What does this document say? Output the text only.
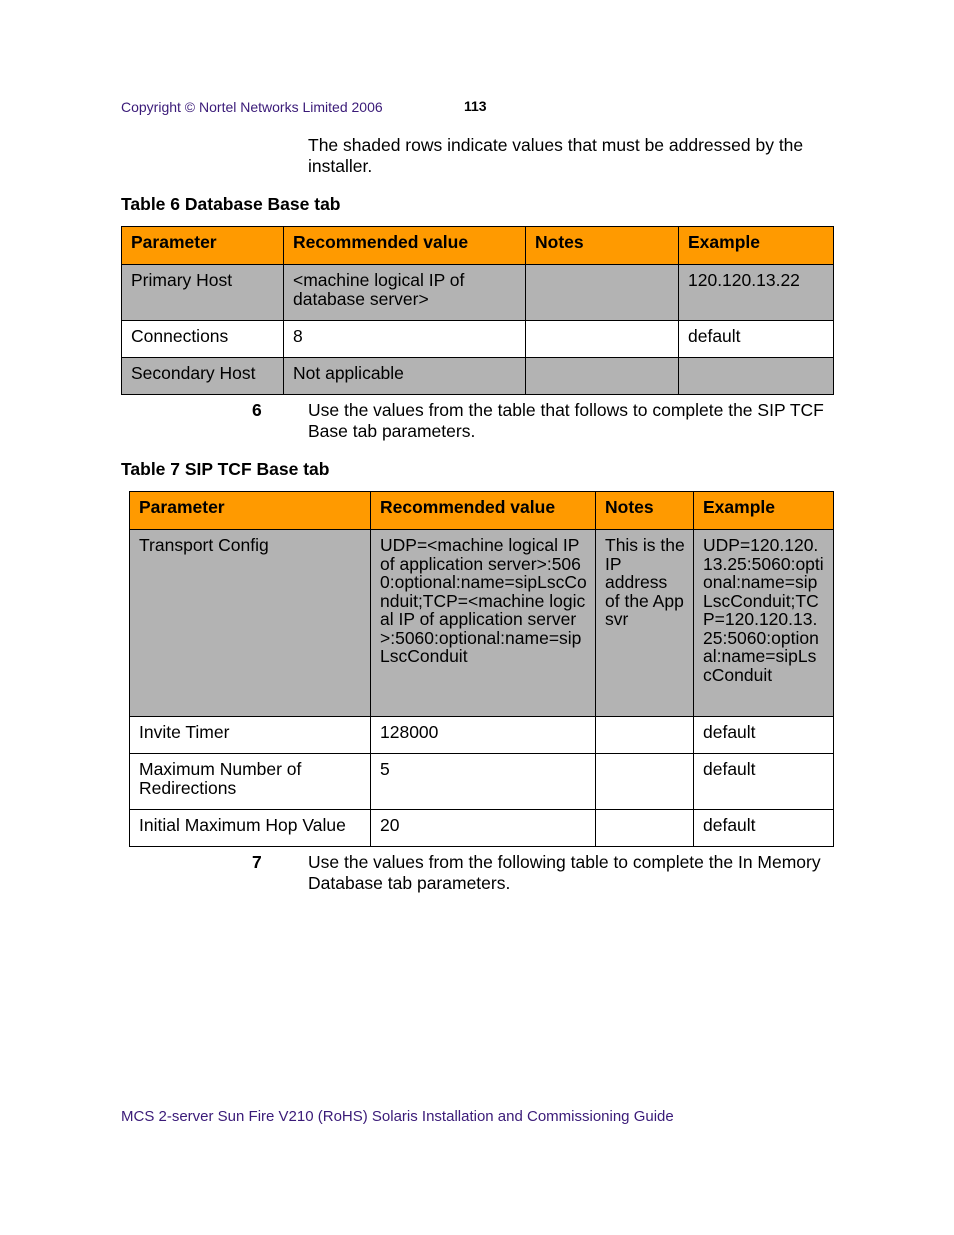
Copyright © Nortel Networks Limited 2006	113
The shaded rows indicate values that must be addressed by the installer.
Table 6 Database Base tab
Parameter	Recommended value	Notes	Example
Primary Host	<machine logical IP of database server>		120.120.13.22
Connections	8		default
Secondary Host	Not applicable		
6	Use the values from the table that follows to complete the SIP TCF Base tab parameters.
Table 7 SIP TCF Base tab
Parameter	Recommended value	Notes	Example
Transport Config	UDP=<machine logical IP of application server>:5060:optional:name=sipLscConduit;TCP=<machine logical IP of application server>:5060:optional:name=sipLscConduit	This is the IP address of the App svr	UDP=120.120.13.25:5060:optional:name=sipLscConduit;TCP=120.120.13.25:5060:optional:name=sipLscConduit
Invite Timer	128000		default
Maximum Number of Redirections	5		default
Initial Maximum Hop Value	20		default
7	Use the values from the following table to complete the In Memory Database tab parameters.
MCS 2-server Sun Fire V210 (RoHS) Solaris Installation and Commissioning Guide
